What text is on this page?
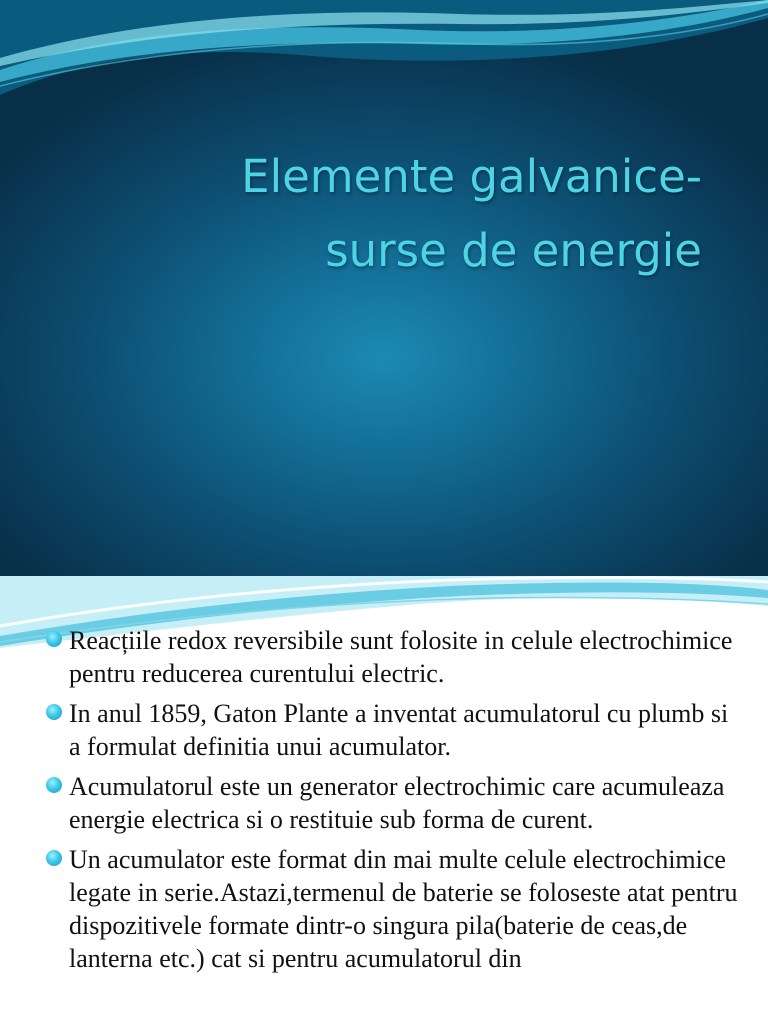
Elemente galvanice-
surse de energie
Reacțiile redox reversibile sunt folosite in celule electrochimice pentru reducerea curentului electric.
In anul 1859, Gaton Plante a inventat acumulatorul cu plumb si a formulat definitia unui acumulator.
Acumulatorul este un generator electrochimic care acumuleaza energie electrica si o restituie sub forma de curent.
Un acumulator este format din mai multe celule electrochimice legate in serie.Astazi,termenul de baterie se foloseste atat pentru dispozitivele formate dintr-o singura pila(baterie de ceas,de lanterna etc.) cat si pentru acumulatorul din
